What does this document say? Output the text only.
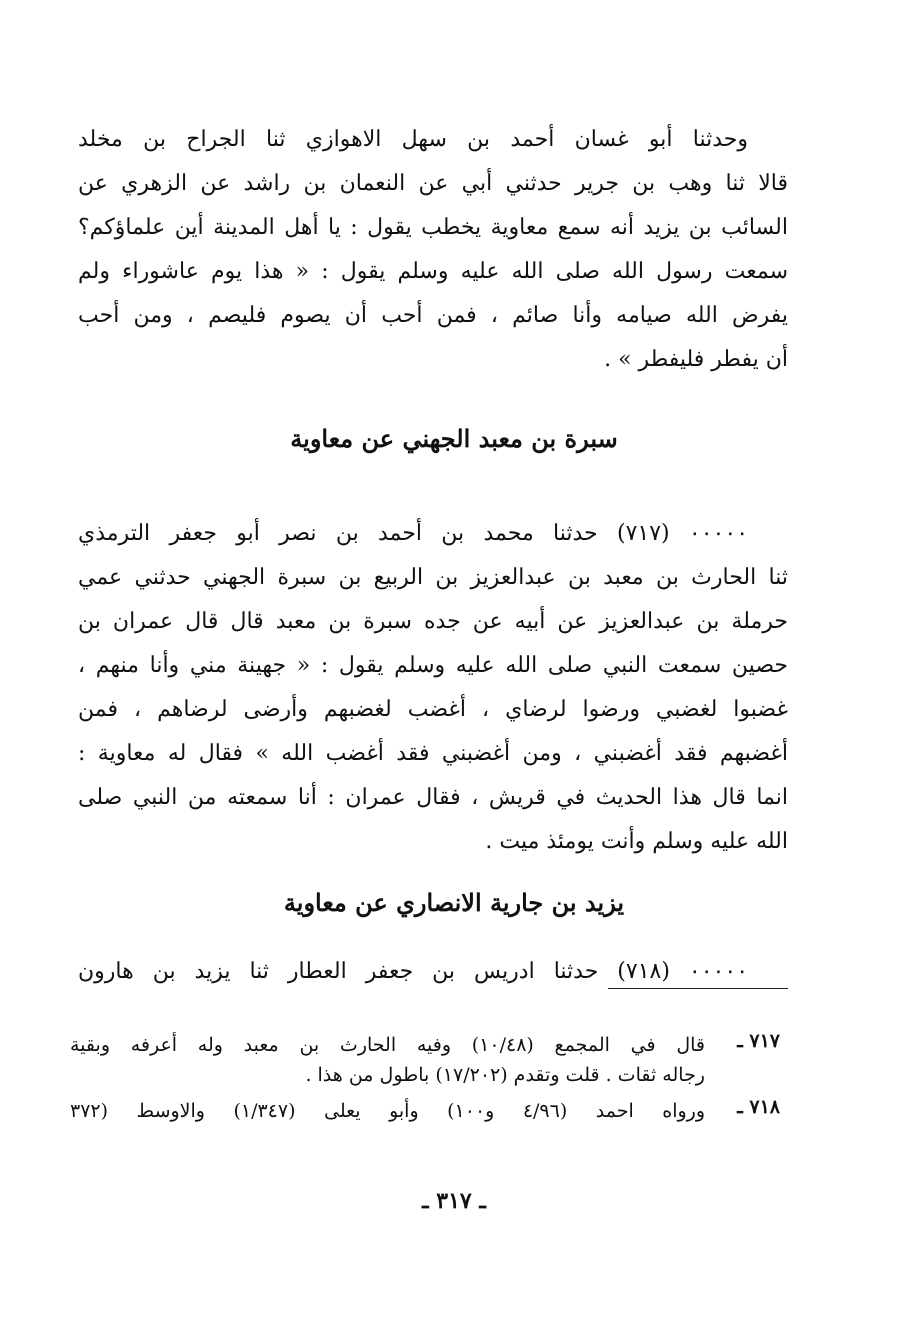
وحدثنا أبو غسان أحمد بن سهل الاهوازي ثنا الجراح بن مخلد
قالا ثنا وهب بن جرير حدثني أبي عن النعمان بن راشد عن الزهري عن
السائب بن يزيد أنه سمع معاوية يخطب يقول : يا أهل المدينة أين علماؤكم؟
سمعت رسول الله صلى الله عليه وسلم يقول : « هذا يوم عاشوراء ولم
يفرض الله صيامه وأنا صائم ، فمن أحب أن يصوم فليصم ، ومن أحب
أن يفطر فليفطر » .
سبرة بن معبد الجهني عن معاوية
٠٠٠٠٠ (٧١٧) حدثنا محمد بن أحمد بن نصر أبو جعفر الترمذي
ثنا الحارث بن معبد بن عبدالعزيز بن الربيع بن سبرة الجهني حدثني عمي
حرملة بن عبدالعزيز عن أبيه عن جده سبرة بن معبد قال قال عمران بن
حصين سمعت النبي صلى الله عليه وسلم يقول : « جهينة مني وأنا منهم ،
غضبوا لغضبي ورضوا لرضاي ، أغضب لغضبهم وأرضى لرضاهم ، فمن
أغضبهم فقد أغضبني ، ومن أغضبني فقد أغضب الله » فقال له معاوية :
انما قال هذا الحديث في قريش ، فقال عمران : أنا سمعته من النبي صلى
الله عليه وسلم وأنت يومئذ ميت .
يزيد بن جارية الانصاري عن معاوية
٠٠٠٠٠ (٧١٨) حدثنا ادريس بن جعفر العطار ثنا يزيد بن هارون
٧١٧ ـ
قال في المجمع (١٠/٤٨) وفيه الحارث بن معبد وله أعرفه وبقية
رجاله ثقات . قلت وتقدم (١٧/٢٠٢) باطول من هذا .
٧١٨ ـ
ورواه احمد (٤/٩٦ و١٠٠) وأبو يعلى (١/٣٤٧) والاوسط (٣٧٢
ـ ٣١٧ ـ
